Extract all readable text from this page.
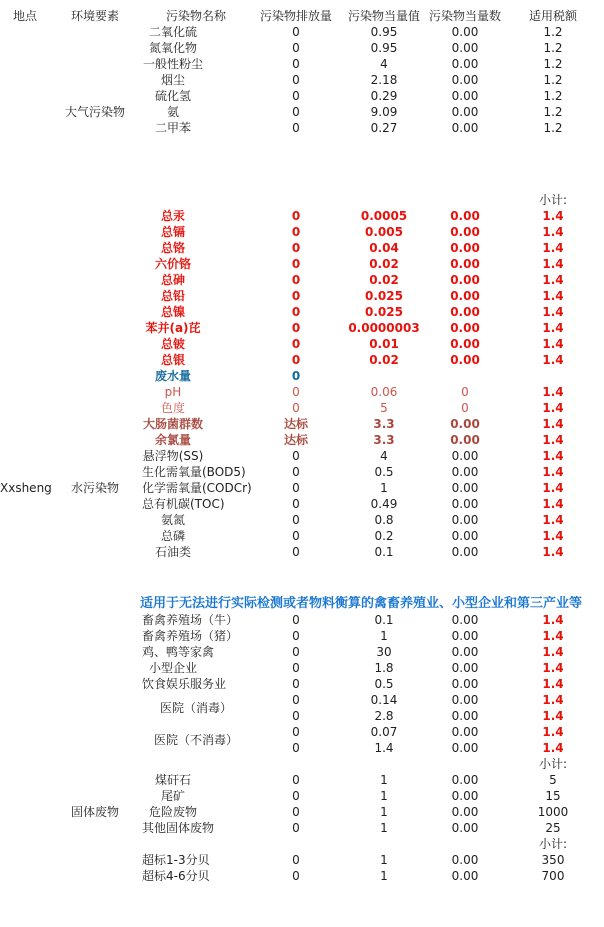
地点	环境要素	污染物名称	污染物排放量	污染物当量值	污染物当量数	适用税额
		二氧化硫	0	0.95	0.00	1.2
		氮氧化物	0	0.95	0.00	1.2
		一般性粉尘	0	4	0.00	1.2
		烟尘	0	2.18	0.00	1.2
		硫化氢	0	0.29	0.00	1.2
	大气污染物	氨	0	9.09	0.00	1.2
		二甲苯	0	0.27	0.00	1.2

						小计:
		总汞	0	0.0005	0.00	1.4
		总镉	0	0.005	0.00	1.4
		总铬	0	0.04	0.00	1.4
		六价铬	0	0.02	0.00	1.4
		总砷	0	0.02	0.00	1.4
		总铅	0	0.025	0.00	1.4
		总镍	0	0.025	0.00	1.4
		苯并(a)芘	0	0.0000003	0.00	1.4
		总铍	0	0.01	0.00	1.4
		总银	0	0.02	0.00	1.4
		废水量	0			
		pH	0	0.06	0	1.4
		色度	0	5	0	1.4
		大肠菌群数	达标	3.3	0.00	1.4
		余氯量	达标	3.3	0.00	1.4
		悬浮物(SS)	0	4	0.00	1.4
		生化需氧量(BOD5)	0	0.5	0.00	1.4
Xxsheng	水污染物	化学需氧量(CODCr)	0	1	0.00	1.4
		总有机碳(TOC)	0	0.49	0.00	1.4
		氨氮	0	0.8	0.00	1.4
		总磷	0	0.2	0.00	1.4
		石油类	0	0.1	0.00	1.4

		适用于无法进行实际检测或者物料衡算的禽畜养殖业、小型企业和第三产业等				
		畜禽养殖场（牛）	0	0.1	0.00	1.4
		畜禽养殖场（猪）	0	1	0.00	1.4
		鸡、鸭等家禽	0	30	0.00	1.4
		小型企业	0	1.8	0.00	1.4
		饮食娱乐服务业	0	0.5	0.00	1.4
		医院（消毒）	0	0.14	0.00	1.4
			0	2.8	0.00	1.4
		医院（不消毒）	0	0.07	0.00	1.4
			0	1.4	0.00	1.4
						小计:
		煤矸石	0	1	0.00	5
		尾矿	0	1	0.00	15
	固体废物	危险废物	0	1	0.00	1000
		其他固体废物	0	1	0.00	25
						小计:
		超标1-3分贝	0	1	0.00	350
		超标4-6分贝	0	1	0.00	700
